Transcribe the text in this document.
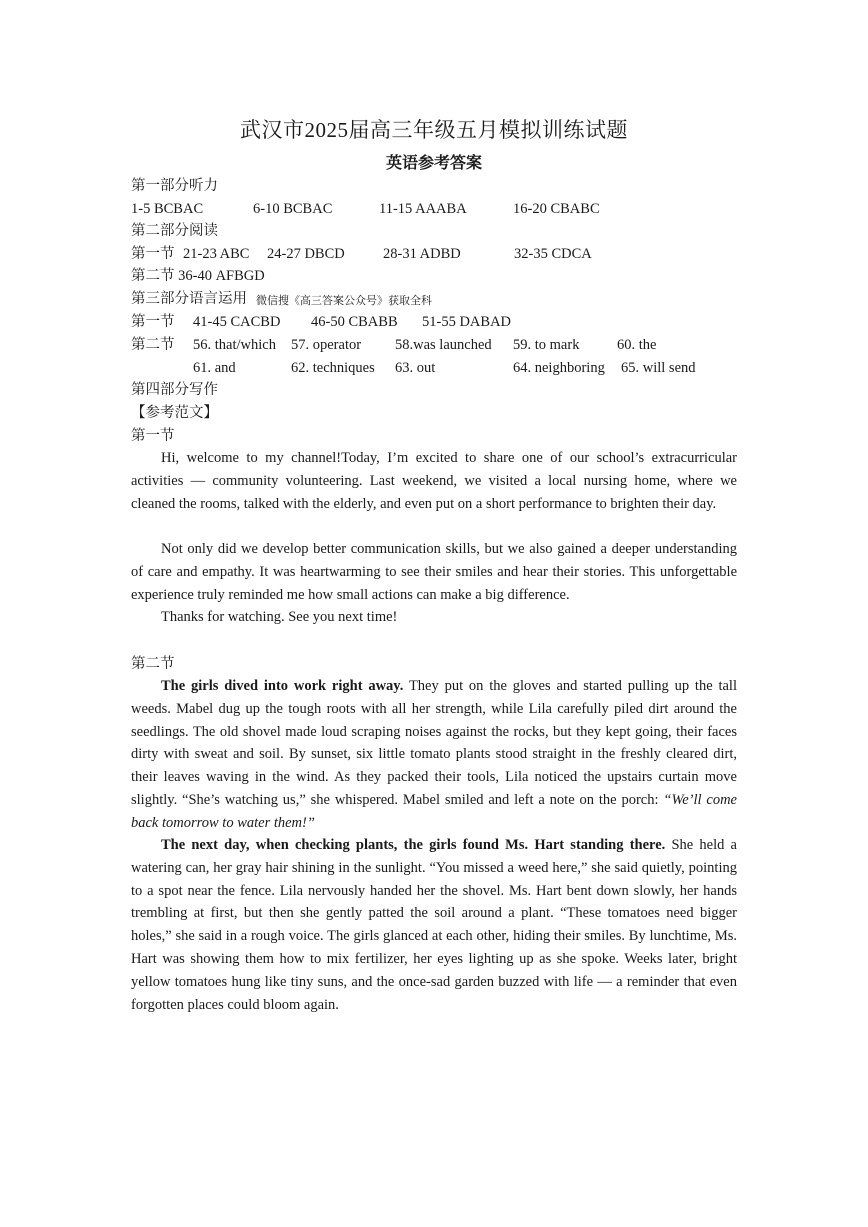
武汉市2025届高三年级五月模拟训练试题
英语参考答案
第一部分听力
1-5 BCBAC	6-10 BCBAC	11-15 AAABA	16-20 CBABC
第二部分阅读
第一节 21-23 ABC 24-27 DBCD	28-31 ADBD	32-35 CDCA
第二节 36-40 AFBGD
第三部分语言运用 微信搜《高三答案公众号》获取全科
第一节 41-45 CACBD 46-50 CBABB 51-55 DABAD
第二节 56. that/which 57. operator 58.was launched 59. to mark	60. the
61. and	62. techniques 63. out	64. neighboring 65. will send
第四部分写作
【参考范文】
第一节
Hi, welcome to my channel!Today, I’m excited to share one of our school’s extracurricular activities — community volunteering. Last weekend, we visited a local nursing home, where we cleaned the rooms, talked with the elderly, and even put on a short performance to brighten their day.
Not only did we develop better communication skills, but we also gained a deeper understanding of care and empathy. It was heartwarming to see their smiles and hear their stories. This unforgettable experience truly reminded me how small actions can make a big difference.
Thanks for watching. See you next time!
第二节
The girls dived into work right away. They put on the gloves and started pulling up the tall weeds. Mabel dug up the tough roots with all her strength, while Lila carefully piled dirt around the seedlings. The old shovel made loud scraping noises against the rocks, but they kept going, their faces dirty with sweat and soil. By sunset, six little tomato plants stood straight in the freshly cleared dirt, their leaves waving in the wind. As they packed their tools, Lila noticed the upstairs curtain move slightly. “She’s watching us,” she whispered. Mabel smiled and left a note on the porch: “We’ll come back tomorrow to water them!”
The next day, when checking plants, the girls found Ms. Hart standing there. She held a watering can, her gray hair shining in the sunlight. “You missed a weed here,” she said quietly, pointing to a spot near the fence. Lila nervously handed her the shovel. Ms. Hart bent down slowly, her hands trembling at first, but then she gently patted the soil around a plant. “These tomatoes need bigger holes,” she said in a rough voice. The girls glanced at each other, hiding their smiles. By lunchtime, Ms. Hart was showing them how to mix fertilizer, her eyes lighting up as she spoke. Weeks later, bright yellow tomatoes hung like tiny suns, and the once-sad garden buzzed with life — a reminder that even forgotten places could bloom again.
